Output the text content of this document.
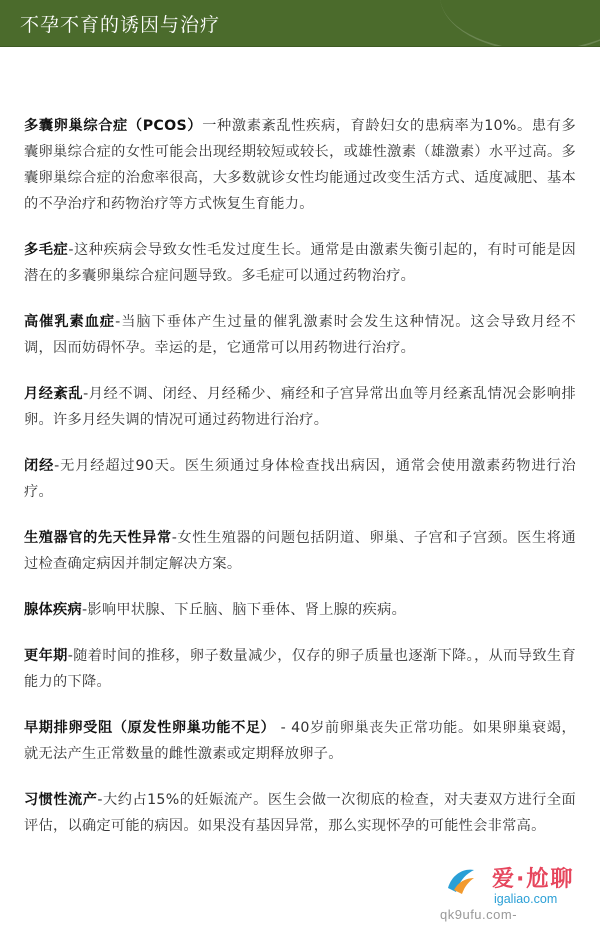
不孕不育的诱因与治疗

多囊卵巢综合症（PCOS）一种激素紊乱性疾病，育龄妇女的患病率为10%。患有多囊卵巢综合症的女性可能会出现经期较短或较长，或雄性激素（雄激素）水平过高。多囊卵巢综合症的治愈率很高，大多数就诊女性均能通过改变生活方式、适度减肥、基本的不孕治疗和药物治疗等方式恢复生育能力。

多毛症-这种疾病会导致女性毛发过度生长。通常是由激素失衡引起的，有时可能是因潜在的多囊卵巢综合症问题导致。多毛症可以通过药物治疗。

高催乳素血症-当脑下垂体产生过量的催乳激素时会发生这种情况。这会导致月经不调，因而妨碍怀孕。幸运的是，它通常可以用药物进行治疗。

月经紊乱-月经不调、闭经、月经稀少、痛经和子宫异常出血等月经紊乱情况会影响排卵。许多月经失调的情况可通过药物进行治疗。

闭经-无月经超过90天。医生须通过身体检查找出病因，通常会使用激素药物进行治疗。

生殖器官的先天性异常-女性生殖器的问题包括阴道、卵巢、子宫和子宫颈。医生将通过检查确定病因并制定解决方案。

腺体疾病-影响甲状腺、下丘脑、脑下垂体、肾上腺的疾病。

更年期-随着时间的推移，卵子数量减少，仅存的卵子质量也逐渐下降。，从而导致生育能力的下降。

早期排卵受阻（原发性卵巢功能不足） - 40岁前卵巢丧失正常功能。如果卵巢衰竭，就无法产生正常数量的雌性激素或定期释放卵子。

习惯性流产-大约占15%的妊娠流产。医生会做一次彻底的检查，对夫妻双方进行全面评估，以确定可能的病因。如果没有基因异常，那么实现怀孕的可能性会非常高。

爱·尬聊
igaliao.com
qk9ufu.com-
